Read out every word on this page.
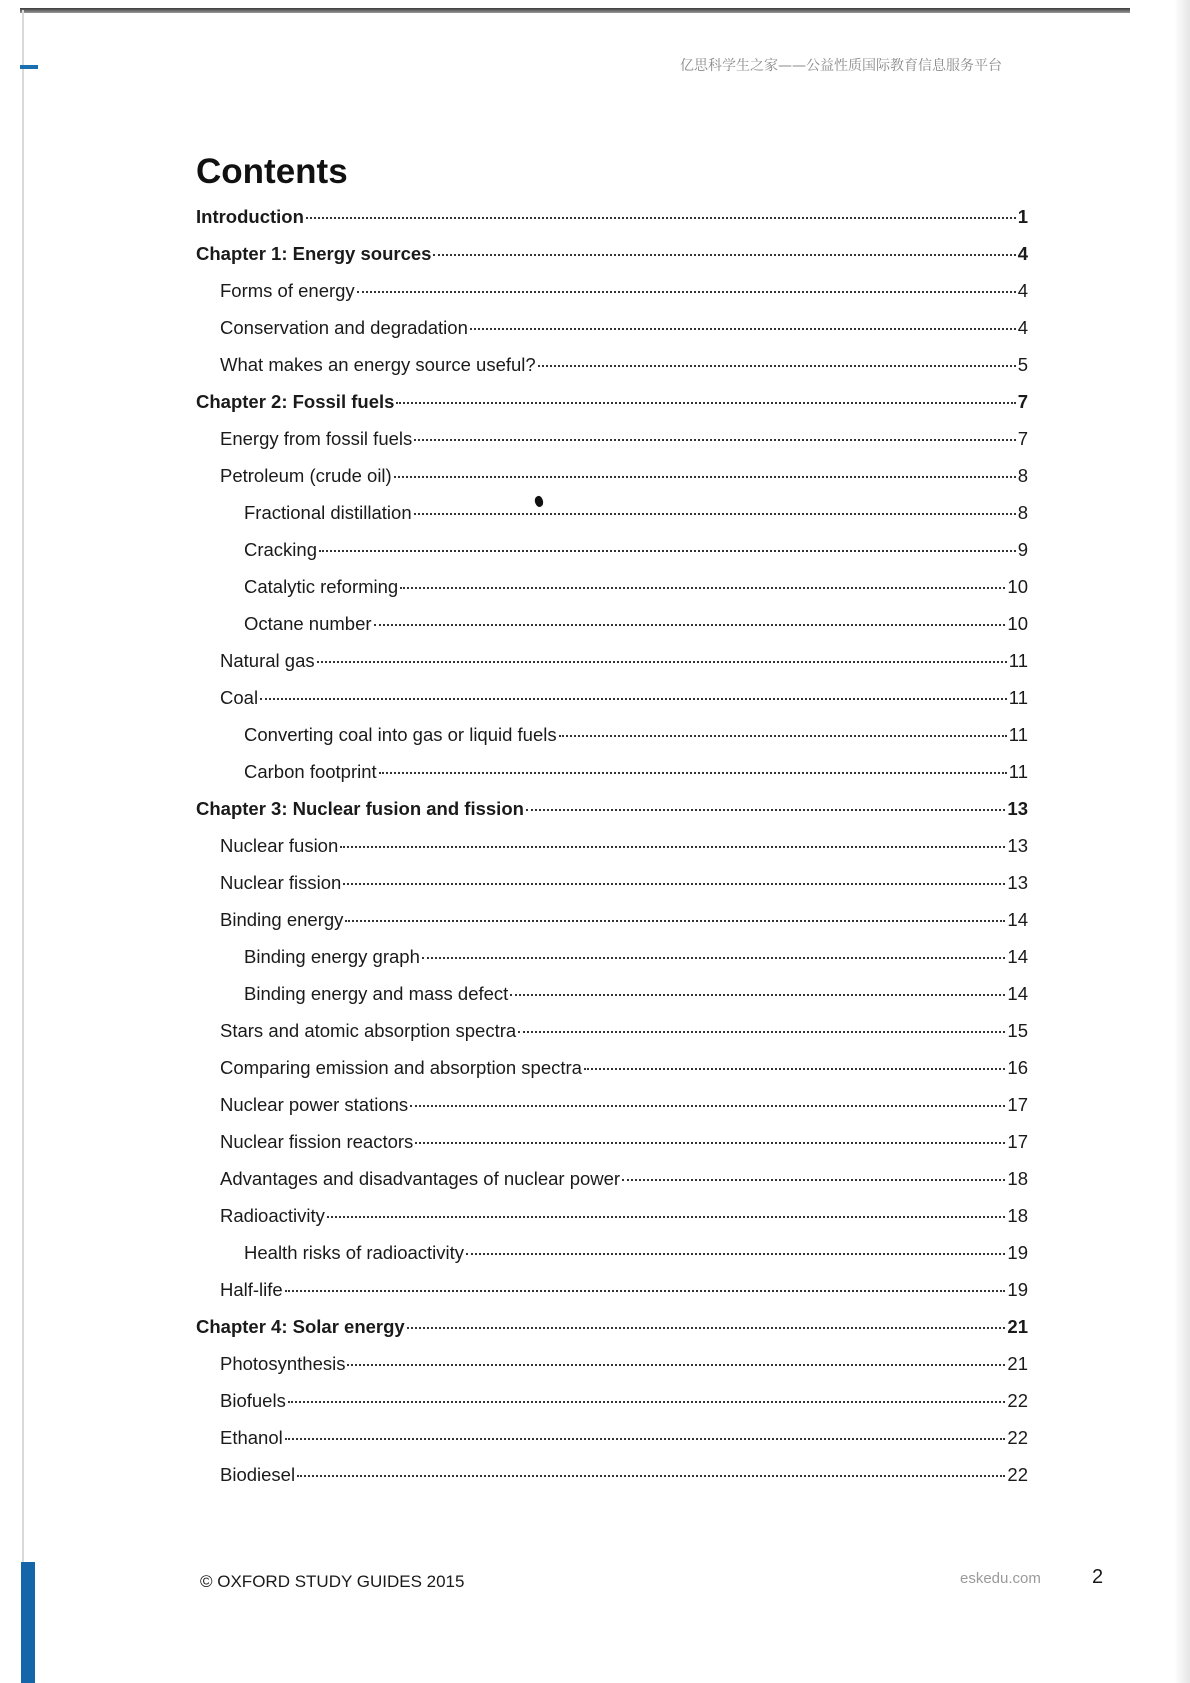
亿思科学生之家——公益性质国际教育信息服务平台
Contents
Introduction	1
Chapter 1: Energy sources	4
Forms of energy	4
Conservation and degradation	4
What makes an energy source useful?	5
Chapter 2: Fossil fuels	7
Energy from fossil fuels	7
Petroleum (crude oil)	8
Fractional distillation	8
Cracking	9
Catalytic reforming	10
Octane number	10
Natural gas	11
Coal	11
Converting coal into gas or liquid fuels	11
Carbon footprint	11
Chapter 3: Nuclear fusion and fission	13
Nuclear fusion	13
Nuclear fission	13
Binding energy	14
Binding energy graph	14
Binding energy and mass defect	14
Stars and atomic absorption spectra	15
Comparing emission and absorption spectra	16
Nuclear power stations	17
Nuclear fission reactors	17
Advantages and disadvantages of nuclear power	18
Radioactivity	18
Health risks of radioactivity	19
Half-life	19
Chapter 4: Solar energy	21
Photosynthesis	21
Biofuels	22
Ethanol	22
Biodiesel	22
© OXFORD STUDY GUIDES 2015	eskedu.com	2
